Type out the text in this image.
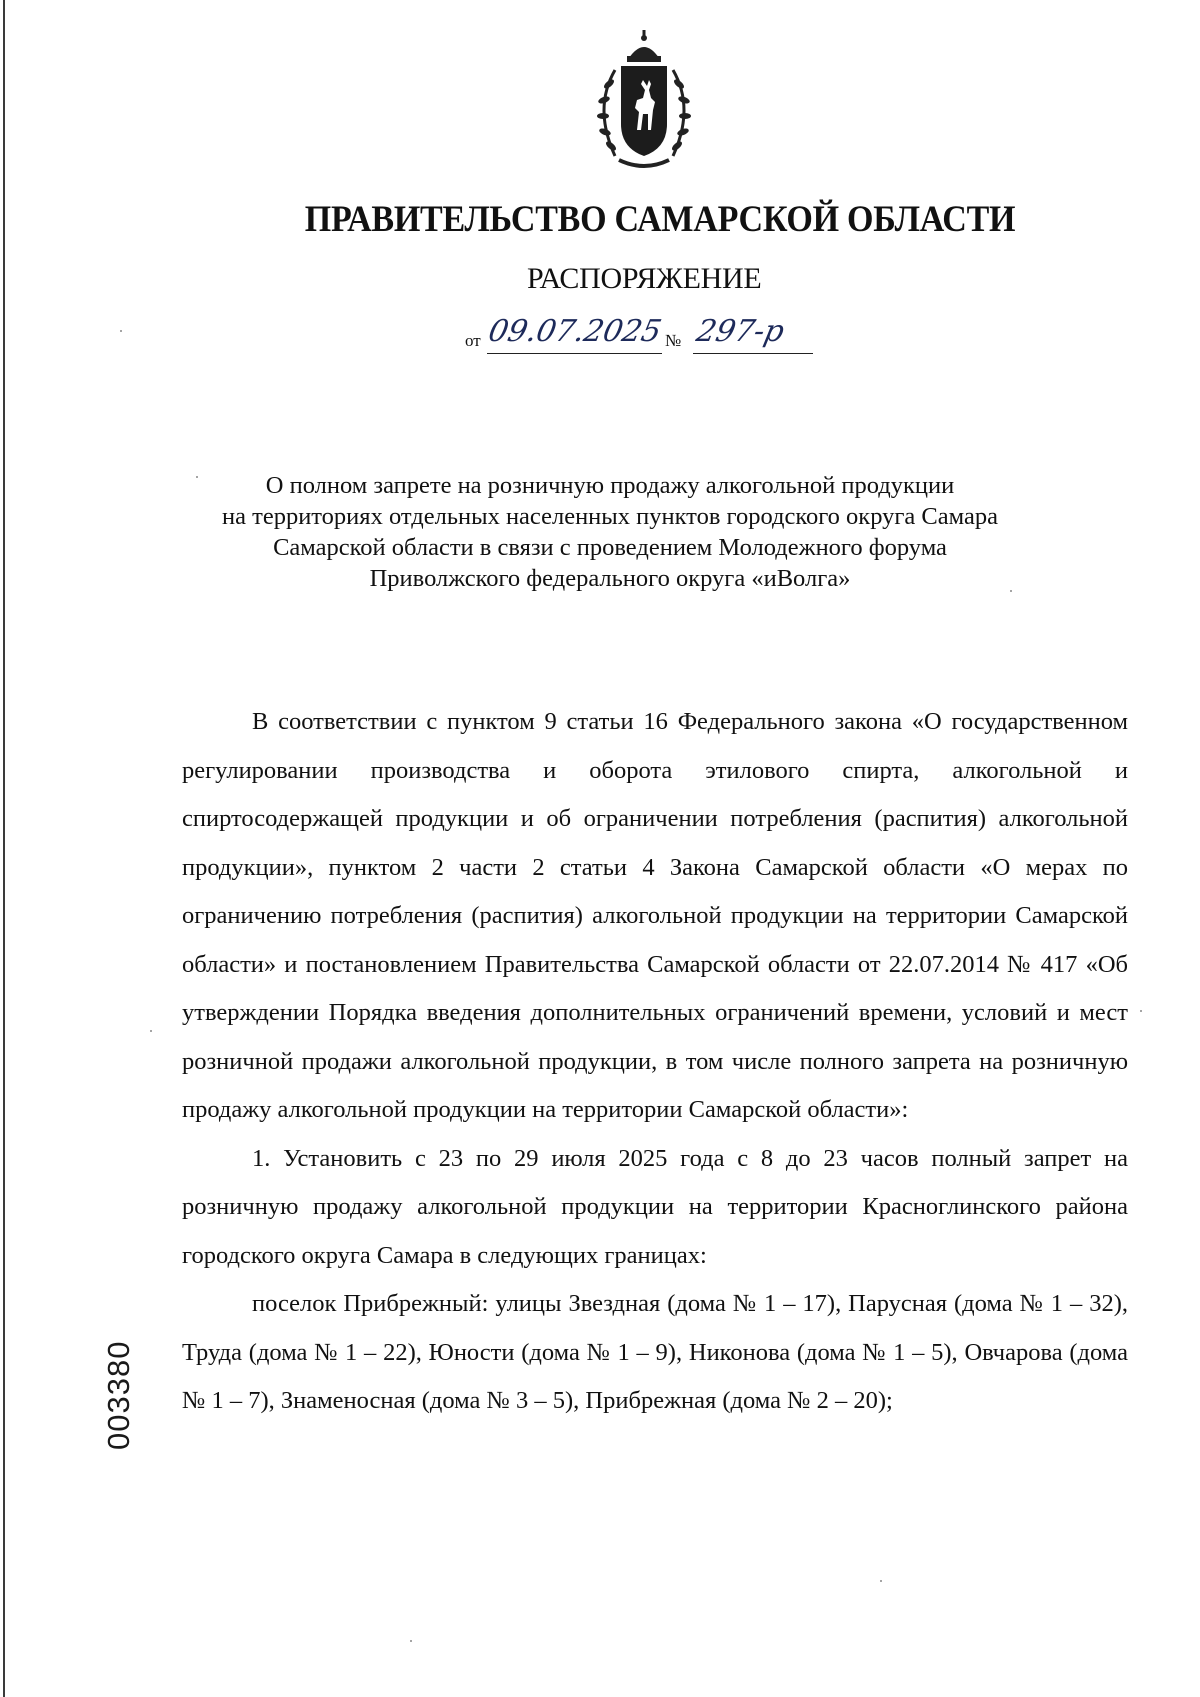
ПРАВИТЕЛЬСТВО САМАРСКОЙ ОБЛАСТИ
РАСПОРЯЖЕНИЕ
от 09.07.2025 № 297-р
О полном запрете на розничную продажу алкогольной продукции
на территориях отдельных населенных пунктов городского округа Самара
Самарской области в связи с проведением Молодежного форума
Приволжского федерального округа «иВолга»

В соответствии с пунктом 9 статьи 16 Федерального закона «О государственном регулировании производства и оборота этилового спирта, алкогольной и спиртосодержащей продукции и об ограничении потребления (распития) алкогольной продукции», пунктом 2 части 2 статьи 4 Закона Самарской области «О мерах по ограничению потребления (распития) алкогольной продукции на территории Самарской области» и постановлением Правительства Самарской области от 22.07.2014 № 417 «Об утверждении Порядка введения дополнительных ограничений времени, условий и мест розничной продажи алкогольной продукции, в том числе полного запрета на розничную продажу алкогольной продукции на территории Самарской области»:

1. Установить с 23 по 29 июля 2025 года с 8 до 23 часов полный запрет на розничную продажу алкогольной продукции на территории Красноглинского района городского округа Самара в следующих границах:

поселок Прибрежный: улицы Звездная (дома № 1 – 17), Парусная (дома № 1 – 32), Труда (дома № 1 – 22), Юности (дома № 1 – 9), Никонова (дома № 1 – 5), Овчарова (дома № 1 – 7), Знаменосная (дома № 3 – 5), Прибрежная (дома № 2 – 20);

003380
